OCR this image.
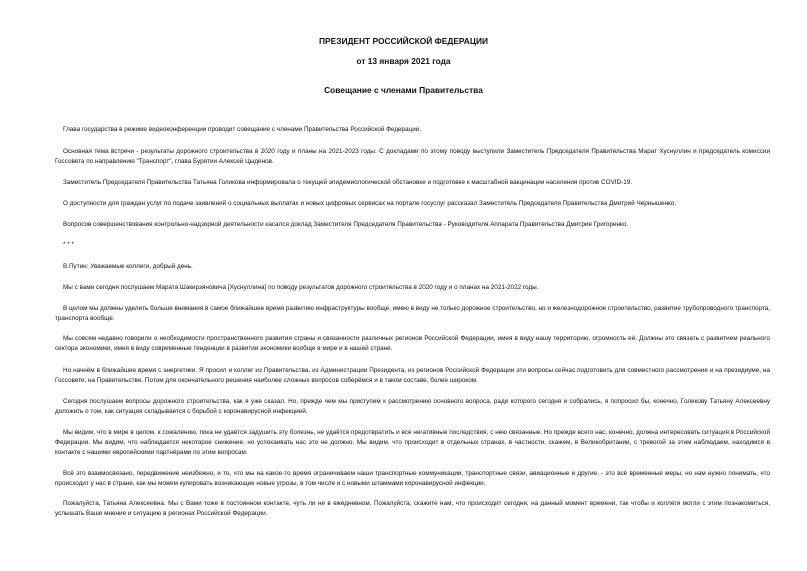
ПРЕЗИДЕНТ РОССИЙСКОЙ ФЕДЕРАЦИИ
от 13 января 2021 года
Совещание с членами Правительства

Глава государства в режиме видеоконференции проводит совещание с членами Правительства Российской Федерации.

Основная тема встречи - результаты дорожного строительства в 2020 году и планы на 2021-2023 годы. С докладами по этому поводу выступили Заместитель Председателя Правительства Марат Хуснуллин и председатель комиссии Госсовета по направлению "Транспорт", глава Бурятии Алексей Цыденов.

Заместитель Председателя Правительства Татьяна Голикова информировала о текущей эпидемиологической обстановке и подготовке к масштабной вакцинации населения против COVID-19.

О доступности для граждан услуг по подаче заявлений о социальных выплатах и новых цифровых сервисах на портале госуслуг рассказал Заместитель Председателя Правительства Дмитрий Чернышенко.

Вопросов совершенствования контрольно-надзорной деятельности касался доклад Заместителя Председателя Правительства - Руководителя Аппарата Правительства Дмитрия Григоренко.

* * *

В.Путин: Уважаемые коллеги, добрый день.

Мы с вами сегодня послушаем Марата Шакирзяновича [Хуснуллина] по поводу результатов дорожного строительства в 2020 году и о планах на 2021-2022 годы.

В целом мы должны уделить больше внимания в самое ближайшее время развитию инфраструктуры вообще, имею в виду не только дорожное строительство, но и железнодорожное строительство, развитие трубопроводного транспорта, транспорта вообще.

Мы совсем недавно говорили о необходимости пространственного развития страны и связанности различных регионов Российской Федерации, имея в виду нашу территорию, огромность её. Должны это связать с развитием реального сектора экономики, имея в виду современные тенденции в развитии экономики вообще в мире и в нашей стране.

Но начнём в ближайшее время с энергетики. Я просил и коллег из Правительства, из Администрации Президента, из регионов Российской Федерации эти вопросы сейчас подготовить для совместного рассмотрения и на президиуме, на Госсовете, на Правительстве. Потом для окончательного решения наиболее сложных вопросов соберёмся и в таком составе, более широком.

Сегодня послушаем вопросы дорожного строительства, как я уже сказал. Но, прежде чем мы приступим к рассмотрению основного вопроса, ради которого сегодня и собрались, я попросил бы, конечно, Голикову Татьяну Алексеевну доложить о том, как ситуация складывается с борьбой с коронавирусной инфекцией.

Мы видим, что в мире в целом, к сожалению, пока не удаётся задушить эту болезнь, не удаётся предотвратить и все негативные последствия, с нею связанные. Но прежде всего нас, конечно, должна интересовать ситуация в Российской Федерации. Мы видим, что наблюдается некоторое снижение, но успокаивать нас это не должно. Мы видим, что происходит в отдельных странах, в частности, скажем, в Великобритании, с тревогой за этим наблюдаем, находимся в контакте с нашими европейскими партнёрами по этим вопросам.

Всё это взаимосвязано, передвижение неизбежно, и то, что мы на какое-то время ограничиваем наши транспортные коммуникации, транспортные связи, авиационные и другие, - это всё временные меры, но нам нужно понимать, что происходит у нас в стране, как мы можем купировать возникающие новые угрозы, в том числе и с новыми штаммами коронавирусной инфекции.

Пожалуйста, Татьяна Алексеевна. Мы с Вами тоже в постоянном контакте, чуть ли не в ежедневном. Пожалуйста, скажите нам, что происходит сегодня, на данный момент времени, так чтобы и коллеги могли с этим познакомиться, услышать Ваше мнение и ситуацию в регионах Российской Федерации.
